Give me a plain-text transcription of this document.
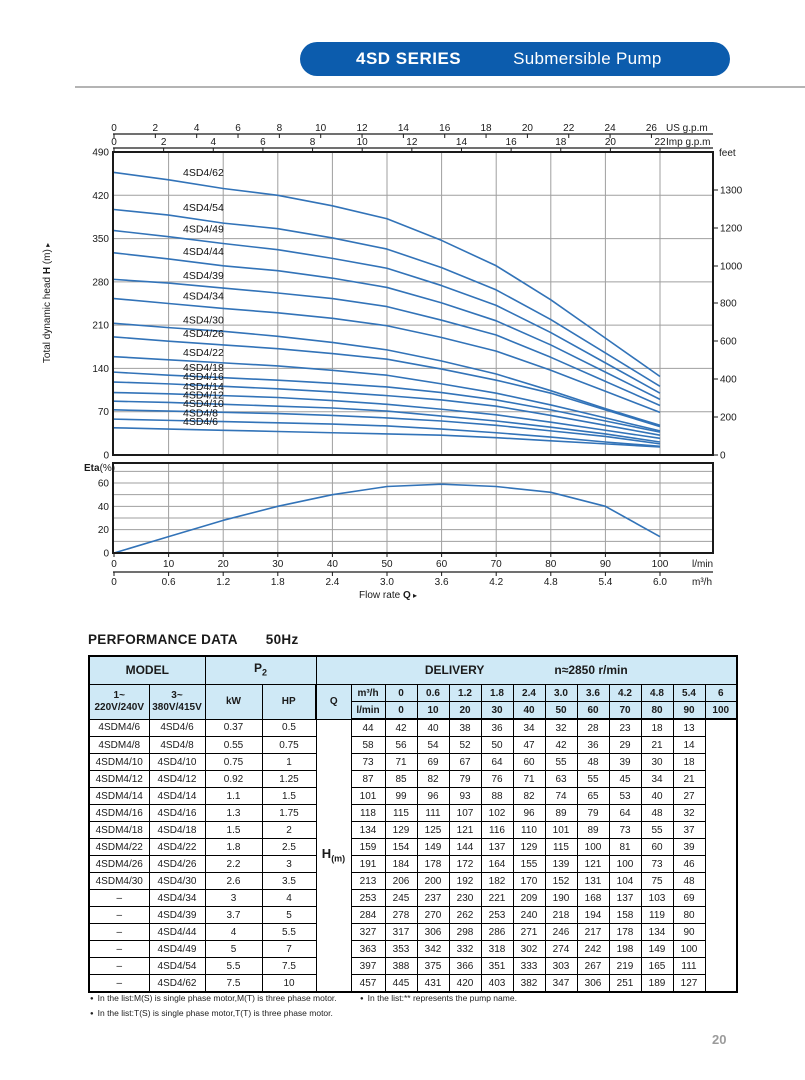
4SD SERIES	Submersible Pump
0	2	4	6	8	10	12	14	16	18	20	22	24	26 US g.p.m
0	2	4	6	8	10	12	14	16	18	20	22 Imp g.p.m
0
70
140
210
280
350
420
490	feet
1300
1200
1000
800
600
400
200
0
Total dynamic head H (m) ▸
4SD4/6
4SD4/8
4SD4/10
4SD4/12
4SD4/14
4SD4/16
4SD4/18
4SD4/22
4SD4/26
4SD4/30
4SD4/34
4SD4/39
4SD4/44
4SD4/49
4SD4/54
4SD4/62
0
20
40
60
Eta(%)
0	10	20	30	40	50	60	70	80	90	100 l/min
0	0.6	1.2	1.8	2.4	3.0	3.6	4.2	4.8	5.4	6.0	m³/h
Flow rate Q ▸
PERFORMANCE DATA 50Hz
MODEL		$P_2$		DELIVERY n≈2850 r/min												

1~
220V/240V	3~
380V/415V	kW	HP	Q	m³/h	0	0.6	1.2	1.8	2.4	3.0	3.6	4.2	4.8	5.4	6
					l/min	0	10	20	30	40	50	60	70	80	90	100
4SDM4/6	4SD4/6	0.37	0.5	$H_{(m)}$	44	42	40	38	36	34	32	28	23	18	13	
4SDM4/8	4SD4/8	0.55	0.75		58	56	54	52	50	47	42	36	29	21	14	
4SDM4/10	4SD4/10	0.75	1		73	71	69	67	64	60	55	48	39	30	18	
4SDM4/12	4SD4/12	0.92	1.25		87	85	82	79	76	71	63	55	45	34	21	
4SDM4/14	4SD4/14	1.1	1.5		101	99	96	93	88	82	74	65	53	40	27	
4SDM4/16	4SD4/16	1.3	1.75		118	115	111	107	102	96	89	79	64	48	32	
4SDM4/18	4SD4/18	1.5	2		134	129	125	121	116	110	101	89	73	55	37	
4SDM4/22	4SD4/22	1.8	2.5		159	154	149	144	137	129	115	100	81	60	39	
4SDM4/26	4SD4/26	2.2	3		191	184	178	172	164	155	139	121	100	73	46	
4SDM4/30	4SD4/30	2.6	3.5		213	206	200	192	182	170	152	131	104	75	48	
–	4SD4/34	3	4		253	245	237	230	221	209	190	168	137	103	69	
–	4SD4/39	3.7	5		284	278	270	262	253	240	218	194	158	119	80	
–	4SD4/44	4	5.5		327	317	306	298	286	271	246	217	178	134	90	
–	4SD4/49	5	7		363	353	342	332	318	302	274	242	198	149	100	
–	4SD4/54	5.5	7.5		397	388	375	366	351	333	303	267	219	165	111	
–	4SD4/62	7.5	10		457	445	431	420	403	382	347	306	251	189	127	
● In the list:M(S) is single phase motor,M(T) is three phase motor.	● In the list:** represents the pump name.
● In the list:T(S) is single phase motor,T(T) is three phase motor.
20
